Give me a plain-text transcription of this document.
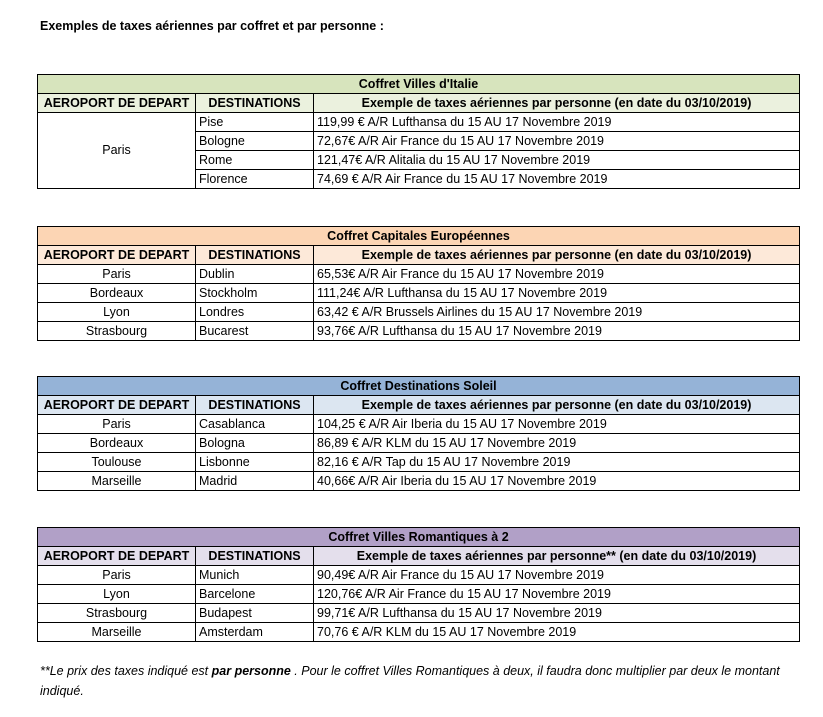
Exemples de taxes aériennes par coffret et par personne :
Coffret Villes d'Italie		
AEROPORT DE DEPART	DESTINATIONS	Exemple de taxes aériennes par personne (en date du 03/10/2019)
Paris	Pise	119,99 € A/R Lufthansa du 15 AU 17 Novembre 2019
	Bologne	72,67€ A/R Air France du 15 AU 17 Novembre 2019
	Rome	121,47€ A/R Alitalia du 15 AU 17 Novembre 2019
	Florence	74,69 € A/R Air France du 15 AU 17 Novembre 2019
Coffret Capitales Européennes		
AEROPORT DE DEPART	DESTINATIONS	Exemple de taxes aériennes par personne (en date du 03/10/2019)
Paris	Dublin	65,53€ A/R Air France du 15 AU 17 Novembre 2019
Bordeaux	Stockholm	111,24€ A/R Lufthansa du 15 AU 17 Novembre 2019
Lyon	Londres	63,42 € A/R Brussels Airlines du 15 AU 17 Novembre 2019
Strasbourg	Bucarest	93,76€ A/R Lufthansa du 15 AU 17 Novembre 2019
Coffret Destinations Soleil		
AEROPORT DE DEPART	DESTINATIONS	Exemple de taxes aériennes par personne (en date du 03/10/2019)
Paris	Casablanca	104,25 € A/R Air Iberia du 15 AU 17 Novembre 2019
Bordeaux	Bologna	86,89 € A/R KLM du 15 AU 17 Novembre 2019
Toulouse	Lisbonne	82,16 € A/R Tap du 15 AU 17 Novembre 2019
Marseille	Madrid	40,66€ A/R Air Iberia du 15 AU 17 Novembre 2019
Coffret Villes Romantiques à 2		
AEROPORT DE DEPART	DESTINATIONS	Exemple de taxes aériennes par personne** (en date du 03/10/2019)
Paris	Munich	90,49€ A/R Air France du 15 AU 17 Novembre 2019
Lyon	Barcelone	120,76€ A/R Air France du 15 AU 17 Novembre 2019
Strasbourg	Budapest	99,71€ A/R Lufthansa du 15 AU 17 Novembre 2019
Marseille	Amsterdam	70,76 € A/R KLM du 15 AU 17 Novembre 2019
**Le prix des taxes indiqué est par personne . Pour le coffret Villes Romantiques à deux, il faudra donc multiplier par deux le montant indiqué.
